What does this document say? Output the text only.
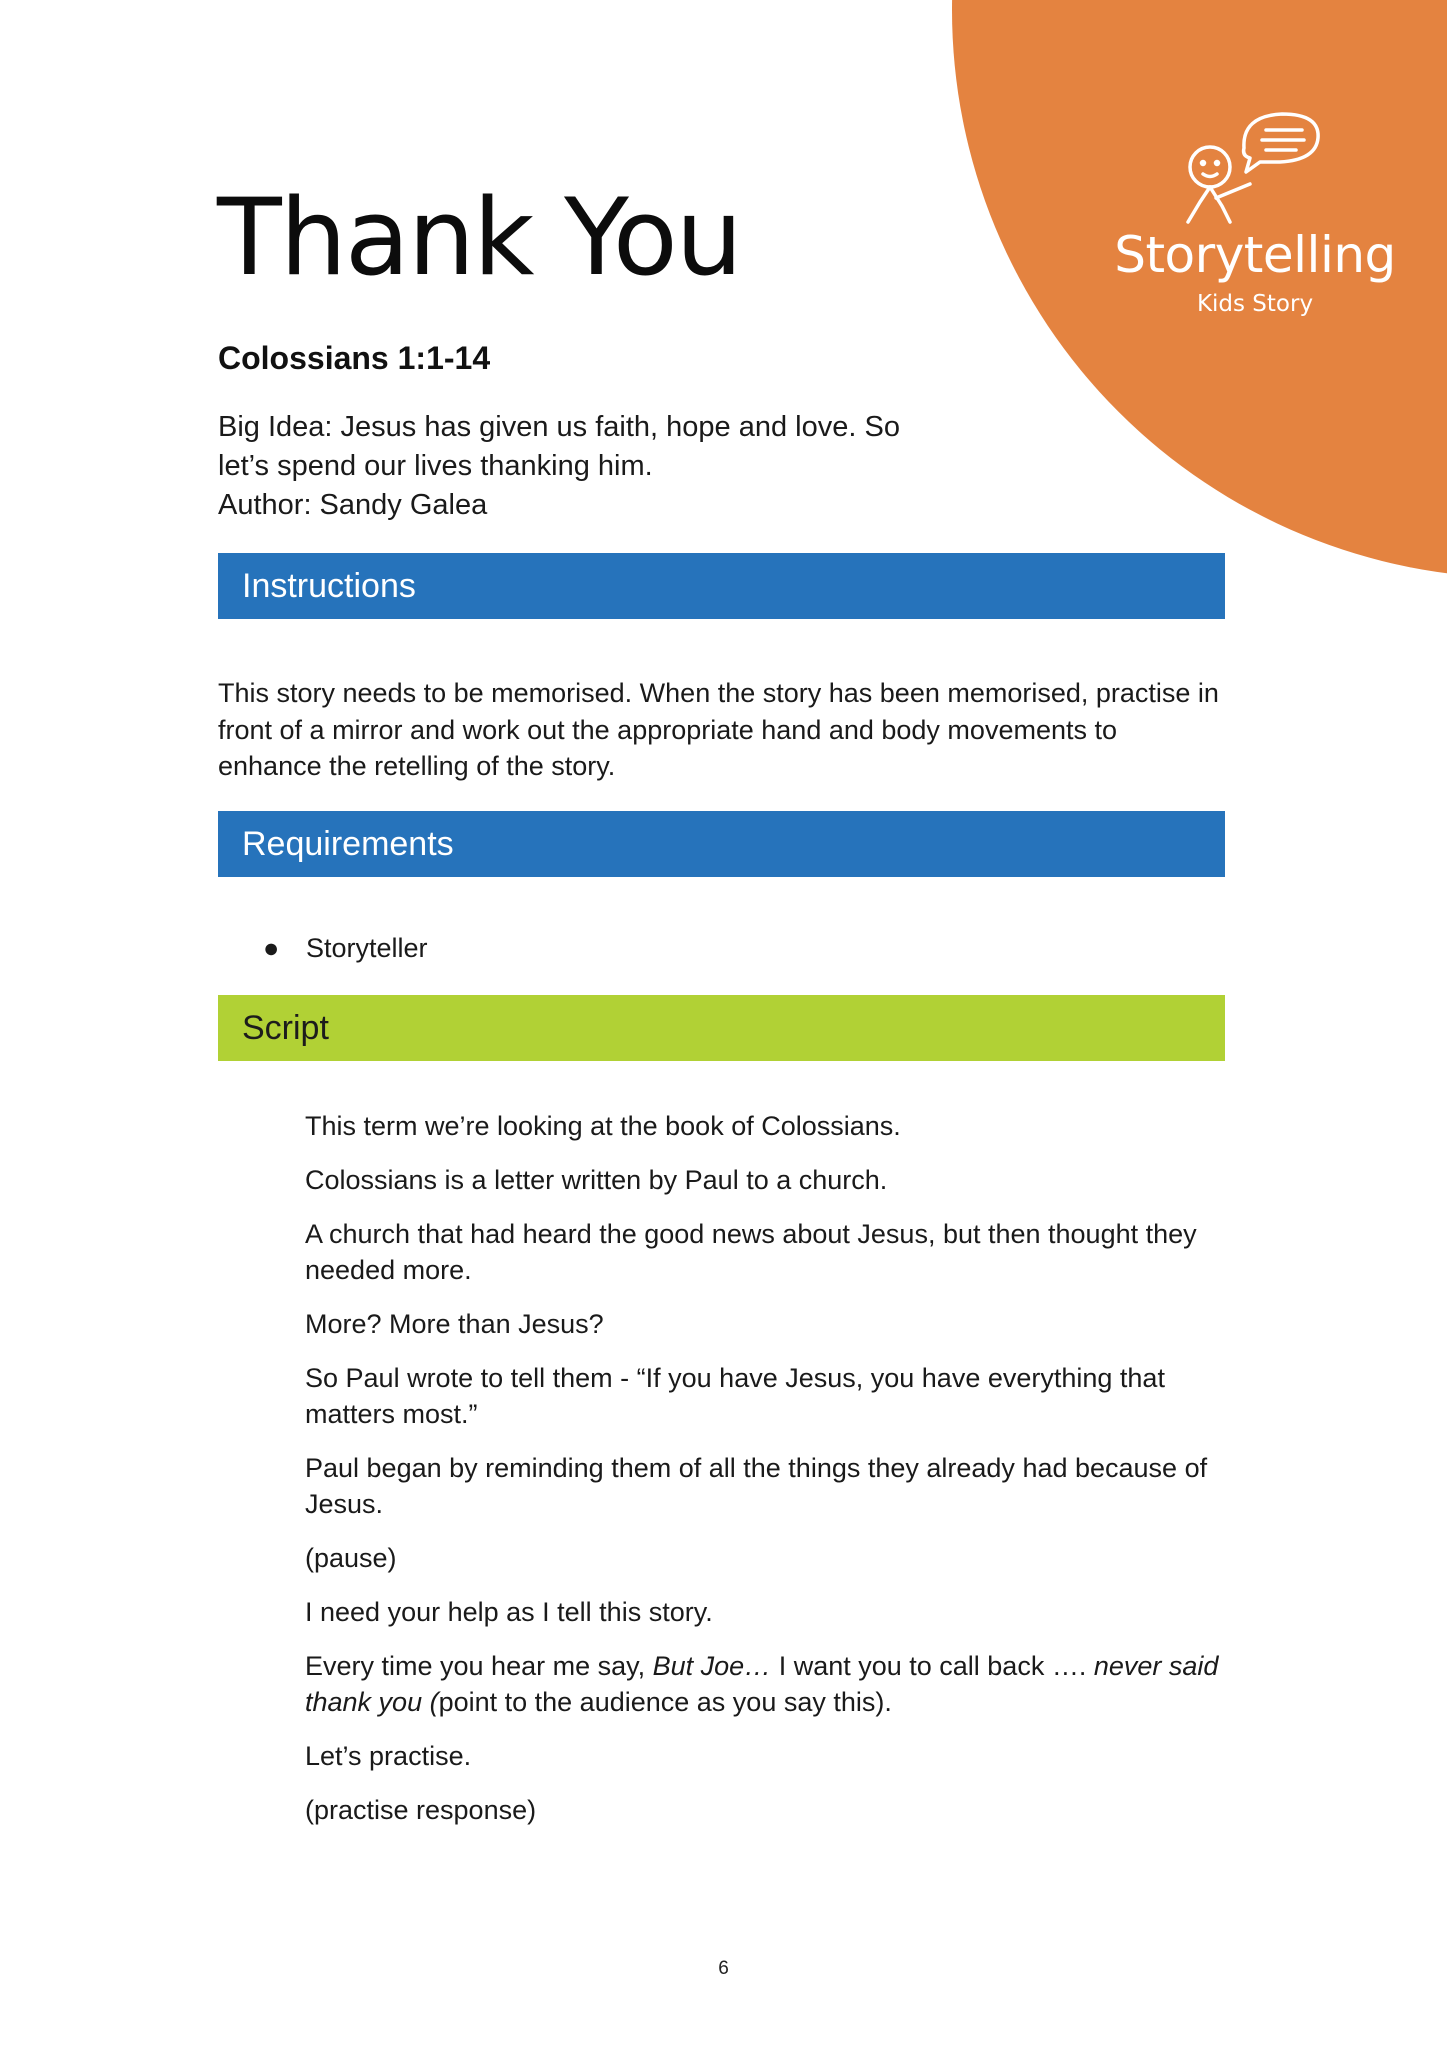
Storytelling
Kids Story
Thank You
Colossians 1:1-14
Big Idea: Jesus has given us faith, hope and love. So
let’s spend our lives thanking him.
Author: Sandy Galea
Instructions
This story needs to be memorised. When the story has been memorised, practise in front of a mirror and work out the appropriate hand and body movements to enhance the retelling of the story.
Requirements
● Storyteller
Script

This term we’re looking at the book of Colossians.

Colossians is a letter written by Paul to a church.

A church that had heard the good news about Jesus, but then thought they needed more.

More? More than Jesus?

So Paul wrote to tell them - “If you have Jesus, you have everything that matters most.”

Paul began by reminding them of all the things they already had because of Jesus.

(pause)

I need your help as I tell this story.

Every time you hear me say, But Joe… I want you to call back …. never said thank you (point to the audience as you say this).

Let’s practise.

(practise response)

6
